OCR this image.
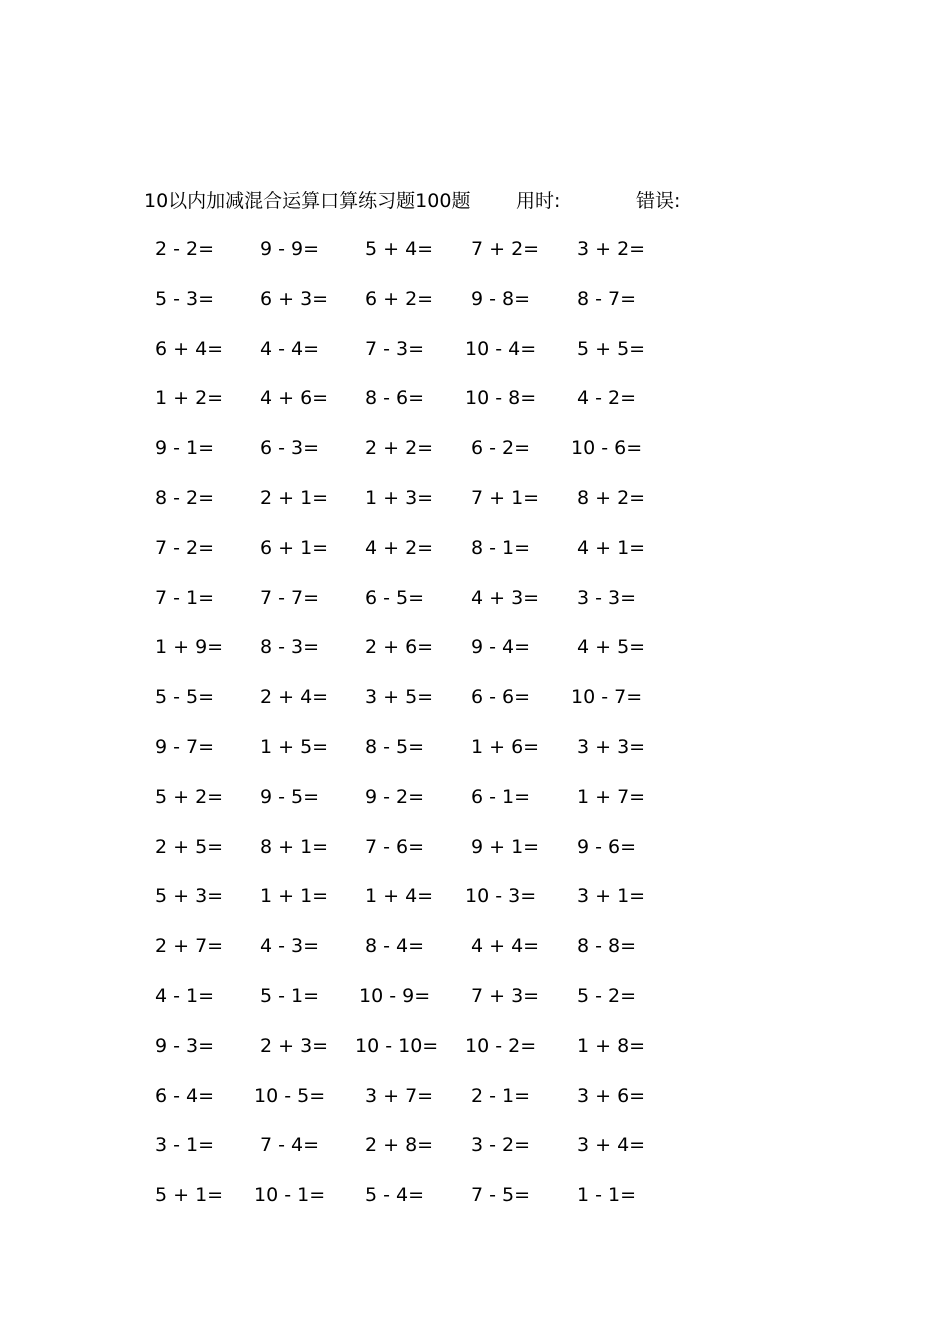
10以内加减混合运算口算练习题100题 用时:	错误:
2 - 2= 9 - 9= 5 + 4= 7 + 2= 3 + 2=
5 - 3= 6 + 3= 6 + 2= 9 - 8= 8 - 7=
6 + 4= 4 - 4= 7 - 3= 10 - 4= 5 + 5=
1 + 2= 4 + 6= 8 - 6= 10 - 8= 4 - 2=
9 - 1= 6 - 3= 2 + 2= 6 - 2= 10 - 6=
8 - 2= 2 + 1= 1 + 3= 7 + 1= 8 + 2=
7 - 2= 6 + 1= 4 + 2= 8 - 1= 4 + 1=
7 - 1= 7 - 7= 6 - 5= 4 + 3= 3 - 3=
1 + 9= 8 - 3= 2 + 6= 9 - 4= 4 + 5=
5 - 5= 2 + 4= 3 + 5= 6 - 6= 10 - 7=
9 - 7= 1 + 5= 8 - 5= 1 + 6= 3 + 3=
5 + 2= 9 - 5= 9 - 2= 6 - 1= 1 + 7=
2 + 5= 8 + 1= 7 - 6= 9 + 1= 9 - 6=
5 + 3= 1 + 1= 1 + 4= 10 - 3= 3 + 1=
2 + 7= 4 - 3= 8 - 4= 4 + 4= 8 - 8=
4 - 1= 5 - 1= 10 - 9= 7 + 3= 5 - 2=
9 - 3= 2 + 3= 10 - 10= 10 - 2= 1 + 8=
6 - 4= 10 - 5= 3 + 7= 2 - 1= 3 + 6=
3 - 1= 7 - 4= 2 + 8= 3 - 2= 3 + 4=
5 + 1= 10 - 1= 5 - 4= 7 - 5= 1 - 1=
